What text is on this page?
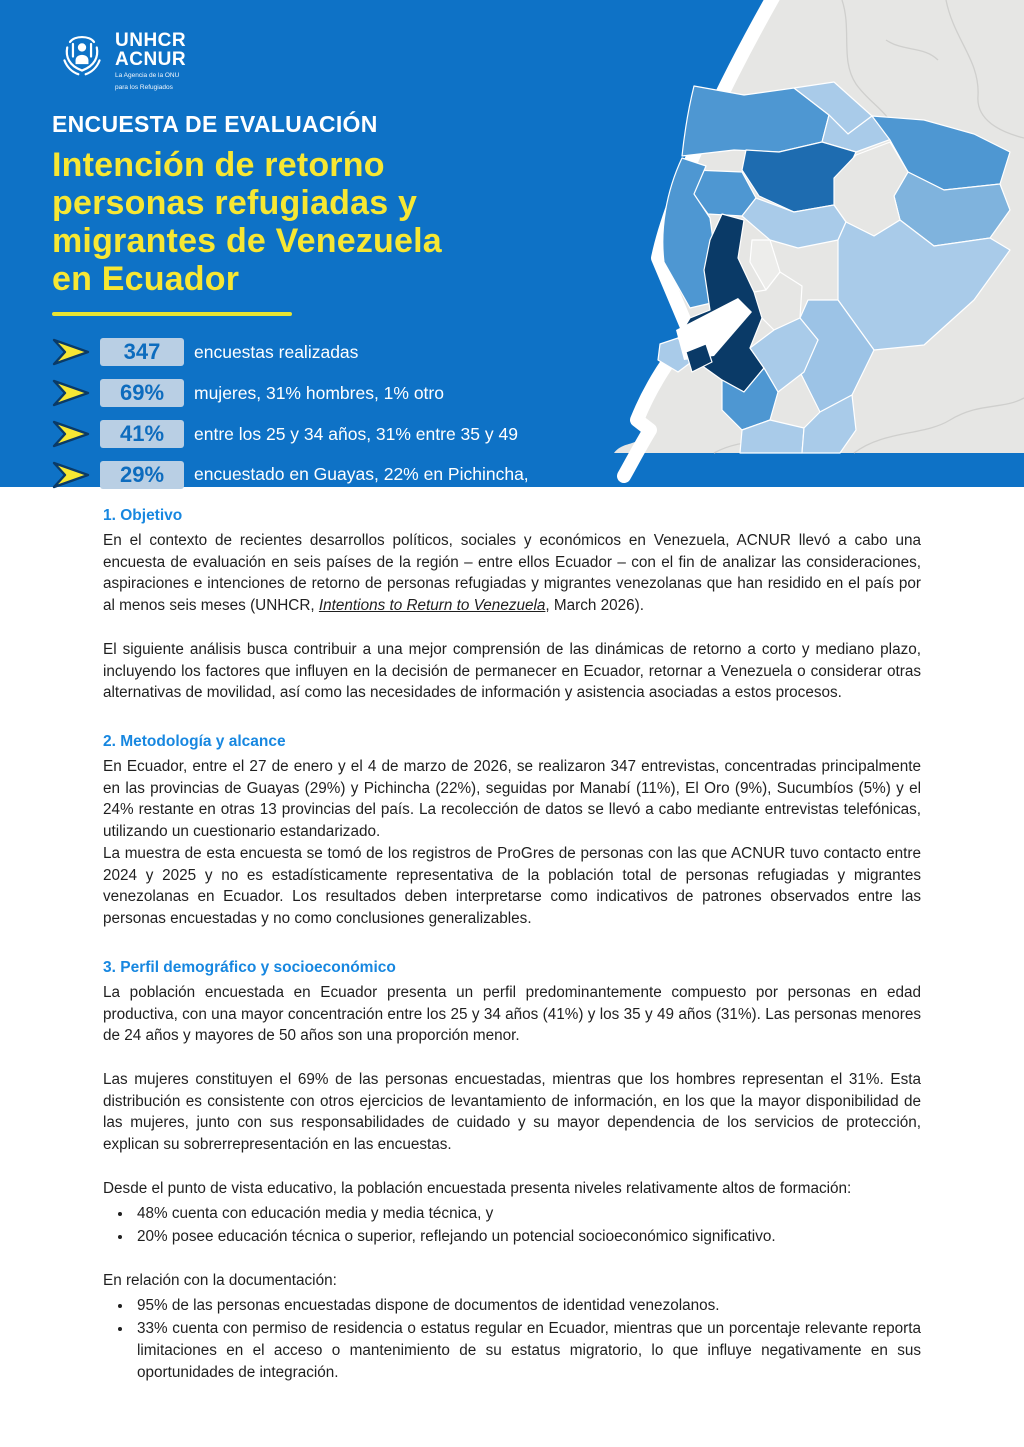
UNHCR
ACNUR
La Agencia de la ONU
para los Refugiados
ENCUESTA DE EVALUACIÓN
Intención de retorno
personas refugiadas y
migrantes de Venezuela
en Ecuador
347	encuestas realizadas
69%	mujeres, 31% hombres, 1% otro
41%	entre los 25 y 34 años, 31% entre 35 y 49
29%	encuestado en Guayas, 22% en Pichincha,
11% en Manabí, 9% en El Oro, 5% en Sucumbíos
1. Objetivo

En el contexto de recientes desarrollos políticos, sociales y económicos en Venezuela, ACNUR llevó a cabo una encuesta de evaluación en seis países de la región – entre ellos Ecuador – con el fin de analizar las consideraciones, aspiraciones e intenciones de retorno de personas refugiadas y migrantes venezolanas que han residido en el país por al menos seis meses (UNHCR, Intentions to Return to Venezuela, March 2026).

El siguiente análisis busca contribuir a una mejor comprensión de las dinámicas de retorno a corto y mediano plazo, incluyendo los factores que influyen en la decisión de permanecer en Ecuador, retornar a Venezuela o considerar otras alternativas de movilidad, así como las necesidades de información y asistencia asociadas a estos procesos.

2. Metodología y alcance

En Ecuador, entre el 27 de enero y el 4 de marzo de 2026, se realizaron 347 entrevistas, concentradas principalmente en las provincias de Guayas (29%) y Pichincha (22%), seguidas por Manabí (11%), El Oro (9%), Sucumbíos (5%) y el 24% restante en otras 13 provincias del país. La recolección de datos se llevó a cabo mediante entrevistas telefónicas, utilizando un cuestionario estandarizado.

La muestra de esta encuesta se tomó de los registros de ProGres de personas con las que ACNUR tuvo contacto entre 2024 y 2025 y no es estadísticamente representativa de la población total de personas refugiadas y migrantes venezolanas en Ecuador. Los resultados deben interpretarse como indicativos de patrones observados entre las personas encuestadas y no como conclusiones generalizables.

3. Perfil demográfico y socioeconómico

La población encuestada en Ecuador presenta un perfil predominantemente compuesto por personas en edad productiva, con una mayor concentración entre los 25 y 34 años (41%) y los 35 y 49 años (31%). Las personas menores de 24 años y mayores de 50 años son una proporción menor.

Las mujeres constituyen el 69% de las personas encuestadas, mientras que los hombres representan el 31%. Esta distribución es consistente con otros ejercicios de levantamiento de información, en los que la mayor disponibilidad de las mujeres, junto con sus responsabilidades de cuidado y su mayor dependencia de los servicios de protección, explican su sobrerrepresentación en las encuestas.

Desde el punto de vista educativo, la población encuestada presenta niveles relativamente altos de formación:

• 48% cuenta con educación media y media técnica, y
• 20% posee educación técnica o superior, reflejando un potencial socioeconómico significativo.

En relación con la documentación:

• 95% de las personas encuestadas dispone de documentos de identidad venezolanos.
• 33% cuenta con permiso de residencia o estatus regular en Ecuador, mientras que un porcentaje relevante reporta limitaciones en el acceso o mantenimiento de su estatus migratorio, lo que influye negativamente en sus oportunidades de integración.
